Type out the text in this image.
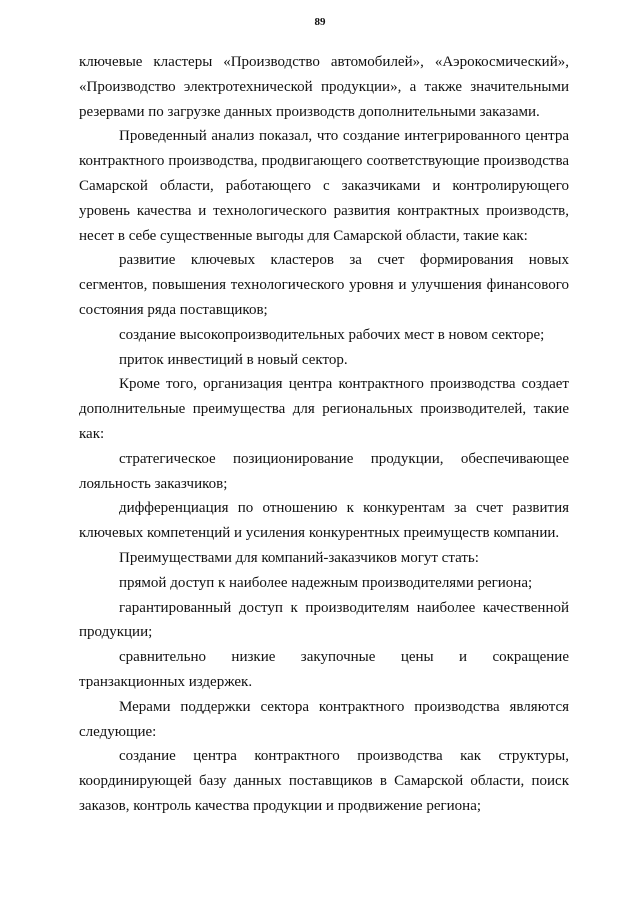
89

ключевые кластеры «Производство автомобилей», «Аэрокосмический», «Производство электротехнической продукции», а также значительными резервами по загрузке данных производств дополнительными заказами.

Проведенный анализ показал, что создание интегрированного центра контрактного производства, продвигающего соответствующие производства Самарской области, работающего с заказчиками и контролирующего уровень качества и технологического развития контрактных производств, несет в себе существенные выгоды для Самарской области, такие как:

развитие ключевых кластеров за счет формирования новых сегментов, повышения технологического уровня и улучшения финансового состояния ряда поставщиков;

создание высокопроизводительных рабочих мест в новом секторе;

приток инвестиций в новый сектор.

Кроме того, организация центра контрактного производства создает дополнительные преимущества для региональных производителей, такие как:

стратегическое позиционирование продукции, обеспечивающее лояльность заказчиков;

дифференциация по отношению к конкурентам за счет развития ключевых компетенций и усиления конкурентных преимуществ компании.

Преимуществами для компаний-заказчиков могут стать:

прямой доступ к наиболее надежным производителями региона;

гарантированный доступ к производителям наиболее качественной продукции;

сравнительно низкие закупочные цены и сокращение транзакционных издержек.

Мерами поддержки сектора контрактного производства являются следующие:

создание центра контрактного производства как структуры, координирующей базу данных поставщиков в Самарской области, поиск заказов, контроль качества продукции и продвижение региона;
